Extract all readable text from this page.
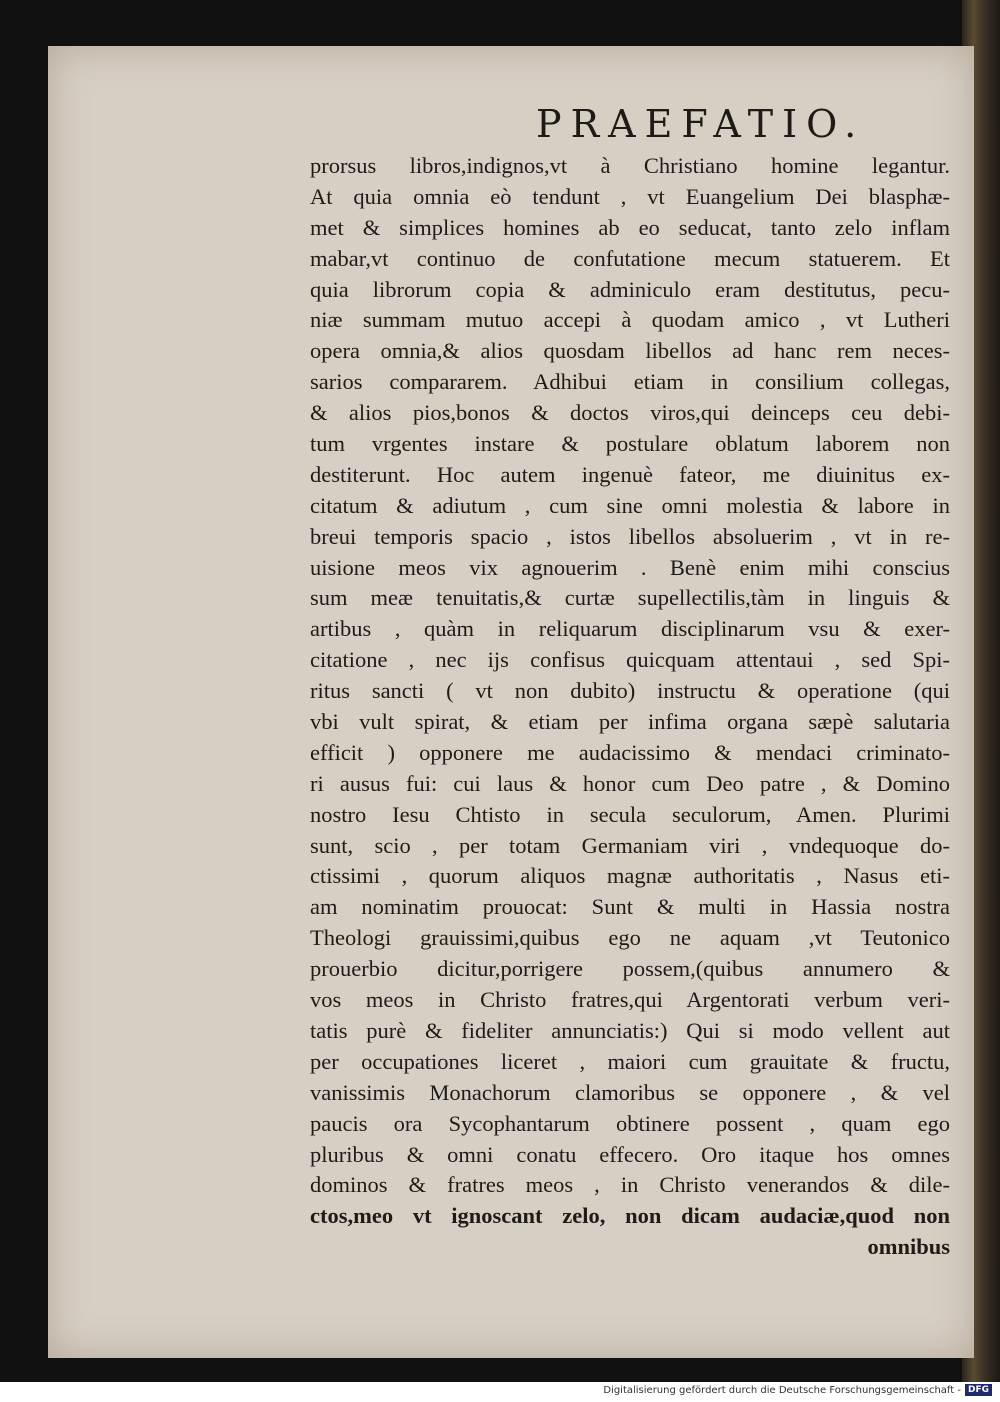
PRAEFATIO.
prorsus libros,indignos,vt à Christiano homine legantur.
At quia omnia eò tendunt , vt Euangelium Dei blasphæ-
met & simplices homines ab eo seducat, tanto zelo inflam
mabar,vt continuo de confutatione mecum statuerem. Et
quia librorum copia & adminiculo eram destitutus, pecu-
niæ summam mutuo accepi à quodam amico , vt Lutheri
opera omnia,& alios quosdam libellos ad hanc rem neces-
sarios compararem. Adhibui etiam in consilium collegas,
& alios pios,bonos & doctos viros,qui deinceps ceu debi-
tum vrgentes instare & postulare oblatum laborem non
destiterunt. Hoc autem ingenuè fateor, me diuinitus ex-
citatum & adiutum , cum sine omni molestia & labore in
breui temporis spacio , istos libellos absoluerim , vt in re-
uisione meos vix agnouerim . Benè enim mihi conscius
sum meæ tenuitatis,& curtæ supellectilis,tàm in linguis &
artibus , quàm in reliquarum disciplinarum vsu & exer-
citatione , nec ijs confisus quicquam attentaui , sed Spi-
ritus sancti ( vt non dubito) instructu & operatione (qui
vbi vult spirat, & etiam per infima organa sæpè salutaria
efficit ) opponere me audacissimo & mendaci criminato-
ri ausus fui: cui laus & honor cum Deo patre , & Domino
nostro Iesu Chtisto in secula seculorum, Amen. Plurimi
sunt, scio , per totam Germaniam viri , vndequoque do-
ctissimi , quorum aliquos magnæ authoritatis , Nasus eti-
am nominatim prouocat: Sunt & multi in Hassia nostra
Theologi grauissimi,quibus ego ne aquam ,vt Teutonico
prouerbio dicitur,porrigere possem,(quibus annumero &
vos meos in Christo fratres,qui Argentorati verbum veri-
tatis purè & fideliter annunciatis:) Qui si modo vellent aut
per occupationes liceret , maiori cum grauitate & fructu,
vanissimis Monachorum clamoribus se opponere , & vel
paucis ora Sycophantarum obtinere possent , quam ego
pluribus & omni conatu effecero. Oro itaque hos omnes
dominos & fratres meos , in Christo venerandos & dile-
ctos,meo vt ignoscant zelo, non dicam audaciæ,quod non
omnibus
Digitalisierung gefördert durch die Deutsche Forschungsgemeinschaft - DFG
